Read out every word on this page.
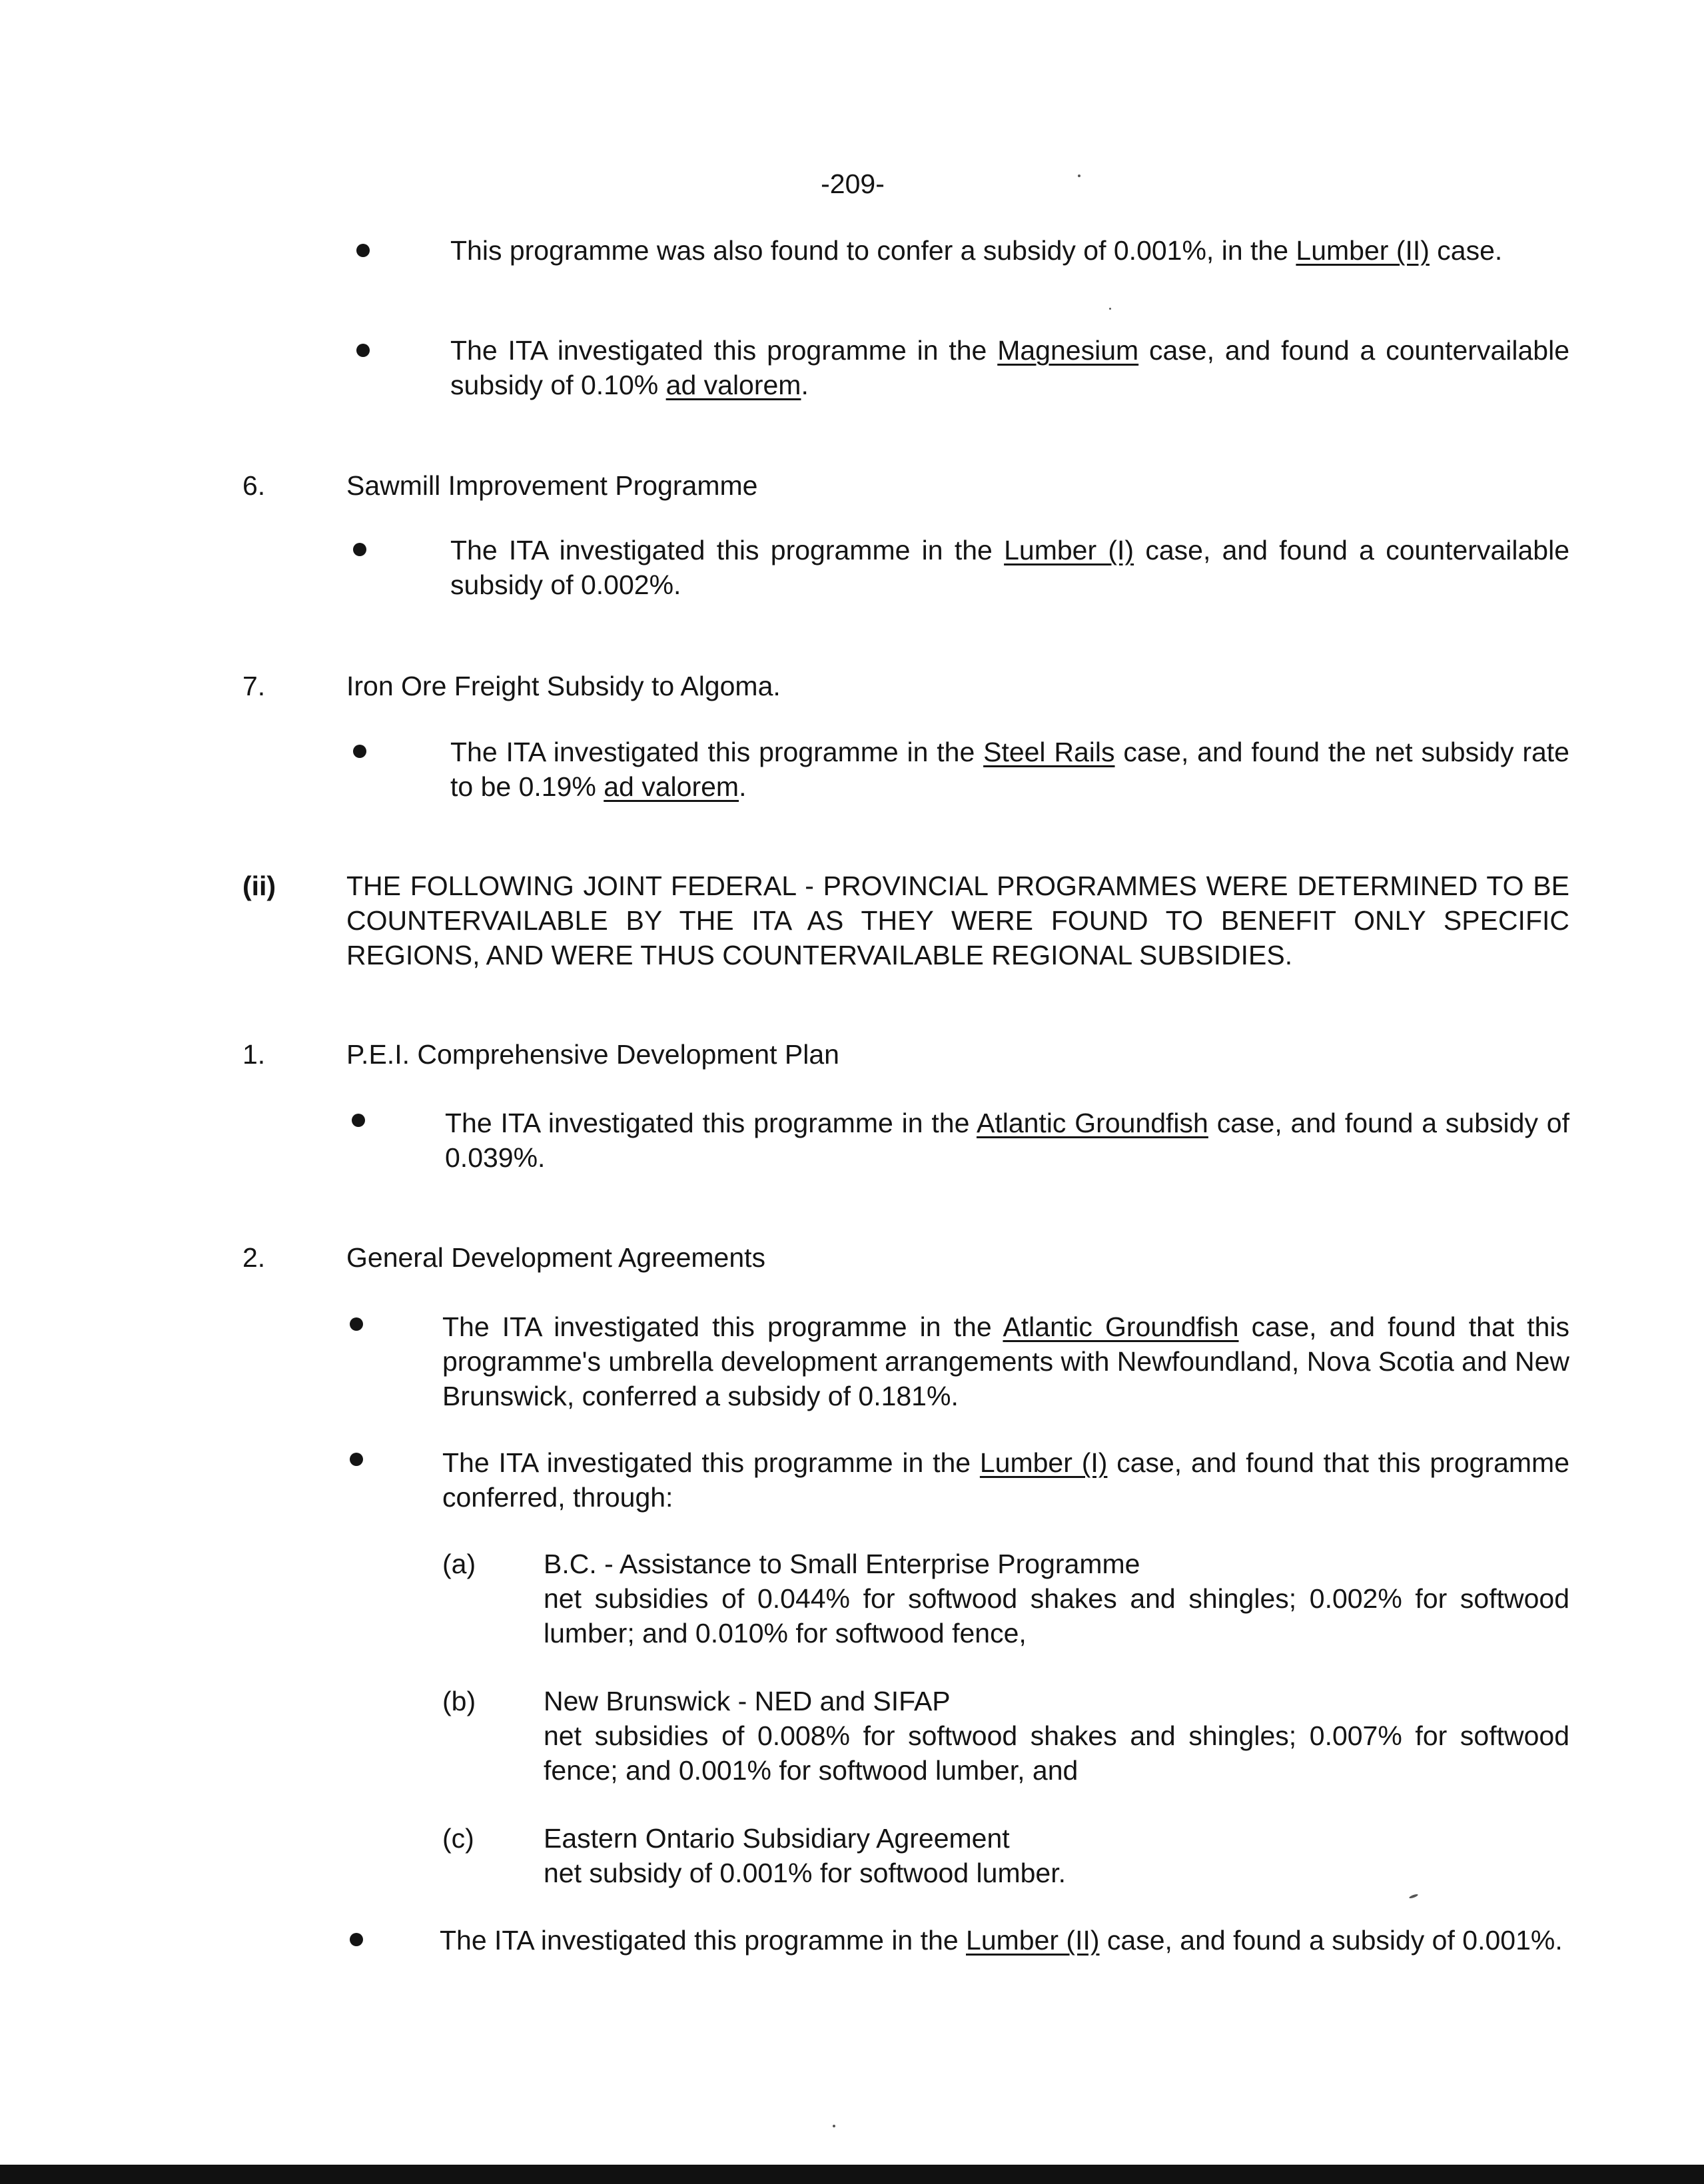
-209-
This programme was also found to confer a subsidy of 0.001%, in the Lumber (II) case.
The ITA investigated this programme in the Magnesium case, and found a countervailable subsidy of 0.10% ad valorem.
6.	Sawmill Improvement Programme
The ITA investigated this programme in the Lumber (I) case, and found a countervailable subsidy of 0.002%.
7.	Iron Ore Freight Subsidy to Algoma.
The ITA investigated this programme in the Steel Rails case, and found the net subsidy rate to be 0.19% ad valorem.
(ii)	THE FOLLOWING JOINT FEDERAL - PROVINCIAL PROGRAMMES WERE DETERMINED TO BE COUNTERVAILABLE BY THE ITA AS THEY WERE FOUND TO BENEFIT ONLY SPECIFIC REGIONS, AND WERE THUS COUNTERVAILABLE REGIONAL SUBSIDIES.
1.	P.E.I. Comprehensive Development Plan
The ITA investigated this programme in the Atlantic Groundfish case, and found a subsidy of 0.039%.
2.	General Development Agreements
The ITA investigated this programme in the Atlantic Groundfish case, and found that this programme's umbrella development arrangements with Newfoundland, Nova Scotia and New Brunswick, conferred a subsidy of 0.181%.
The ITA investigated this programme in the Lumber (I) case, and found that this programme conferred, through:
(a) B.C. - Assistance to Small Enterprise Programme
net subsidies of 0.044% for softwood shakes and shingles; 0.002% for softwood lumber; and 0.010% for softwood fence,
(b) New Brunswick - NED and SIFAP
net subsidies of 0.008% for softwood shakes and shingles; 0.007% for softwood fence; and 0.001% for softwood lumber, and
(c)	Eastern Ontario Subsidiary Agreement
net subsidy of 0.001% for softwood lumber.
The ITA investigated this programme in the Lumber (II) case, and found a subsidy of 0.001%.
